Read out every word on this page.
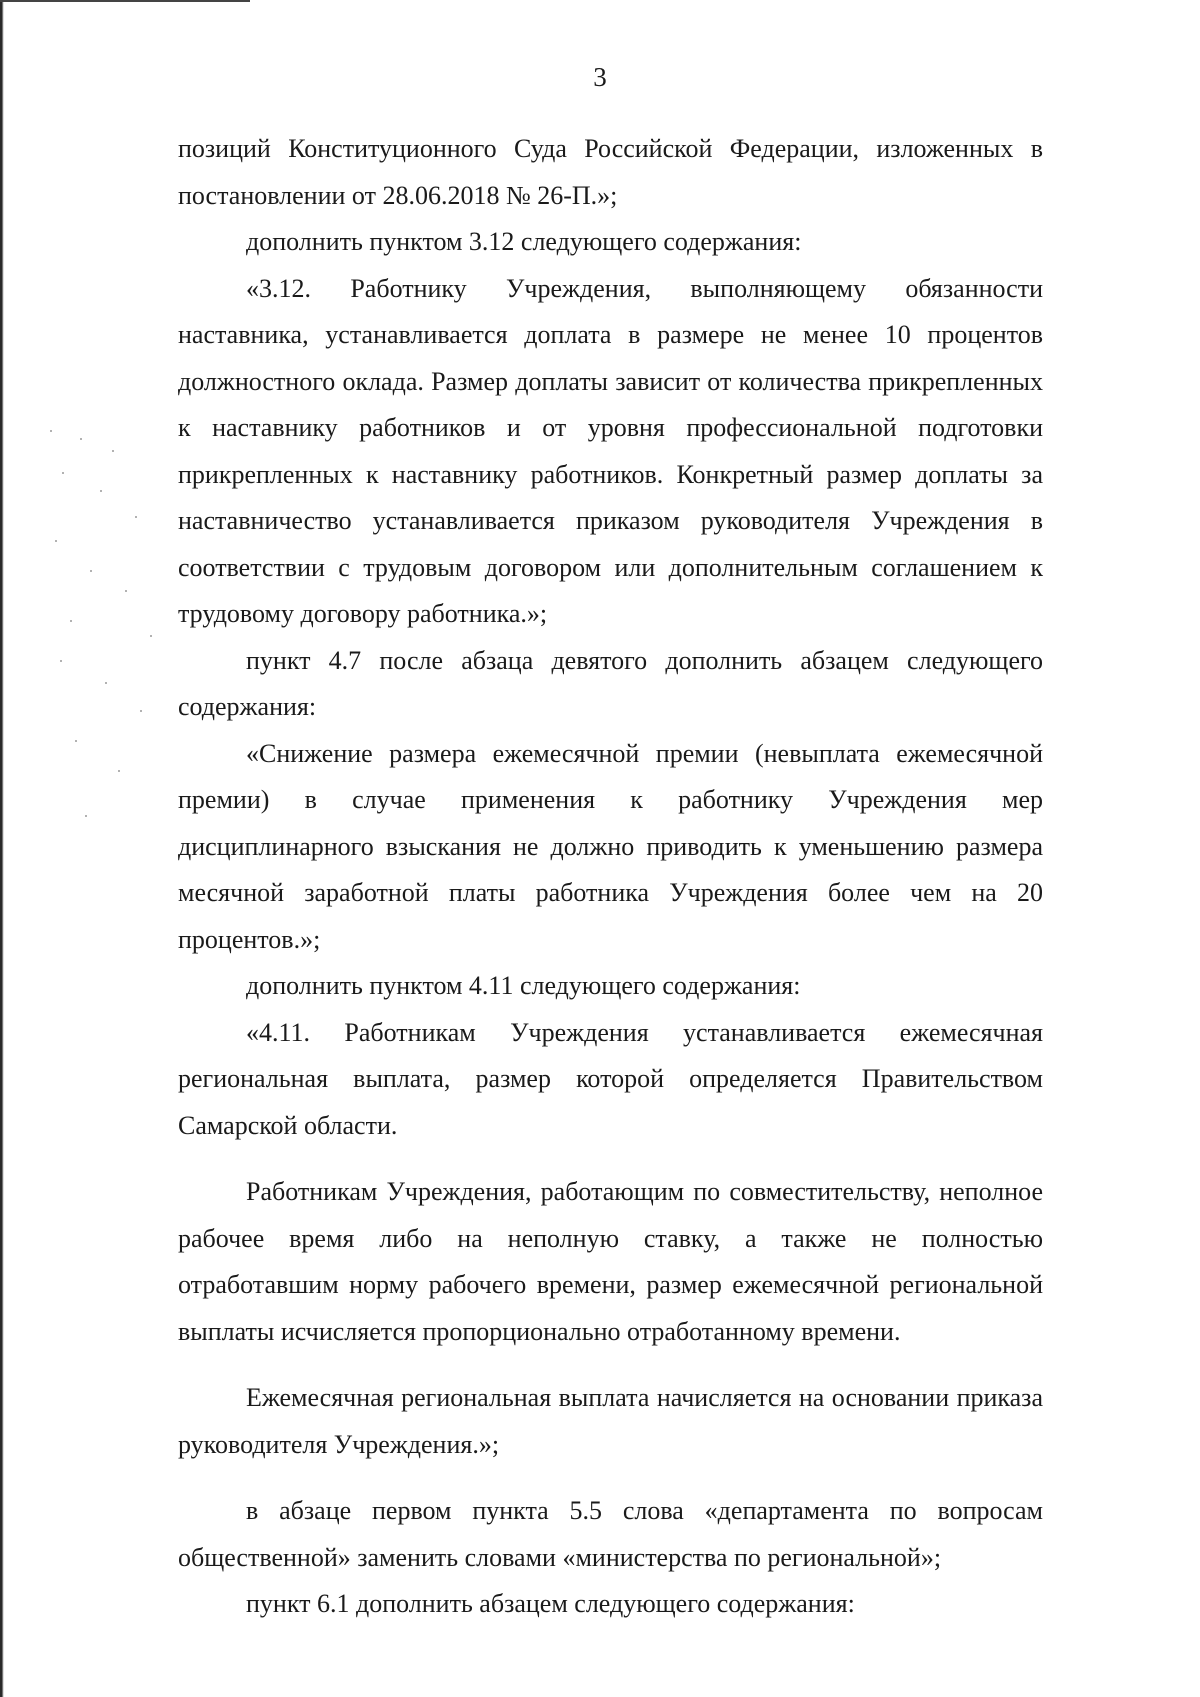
3

позиций Конституционного Суда Российской Федерации, изложенных в постановлении от 28.06.2018 № 26-П.»;

дополнить пунктом 3.12 следующего содержания:

«3.12. Работнику Учреждения, выполняющему обязанности наставника, устанавливается доплата в размере не менее 10 процентов должностного оклада. Размер доплаты зависит от количества прикрепленных к наставнику работников и от уровня профессиональной подготовки прикрепленных к наставнику работников. Конкретный размер доплаты за наставничество устанавливается приказом руководителя Учреждения в соответствии с трудовым договором или дополнительным соглашением к трудовому договору работника.»;

пункт 4.7 после абзаца девятого дополнить абзацем следующего содержания:

«Снижение размера ежемесячной премии (невыплата ежемесячной премии) в случае применения к работнику Учреждения мер дисциплинарного взыскания не должно приводить к уменьшению размера месячной заработной платы работника Учреждения более чем на 20 процентов.»;

дополнить пунктом 4.11 следующего содержания:

«4.11. Работникам Учреждения устанавливается ежемесячная региональная выплата, размер которой определяется Правительством Самарской области.

Работникам Учреждения, работающим по совместительству, неполное рабочее время либо на неполную ставку, а также не полностью отработавшим норму рабочего времени, размер ежемесячной региональной выплаты исчисляется пропорционально отработанному времени.

Ежемесячная региональная выплата начисляется на основании приказа руководителя Учреждения.»;

в абзаце первом пункта 5.5 слова «департамента по вопросам общественной» заменить словами «министерства по региональной»;

пункт 6.1 дополнить абзацем следующего содержания:
